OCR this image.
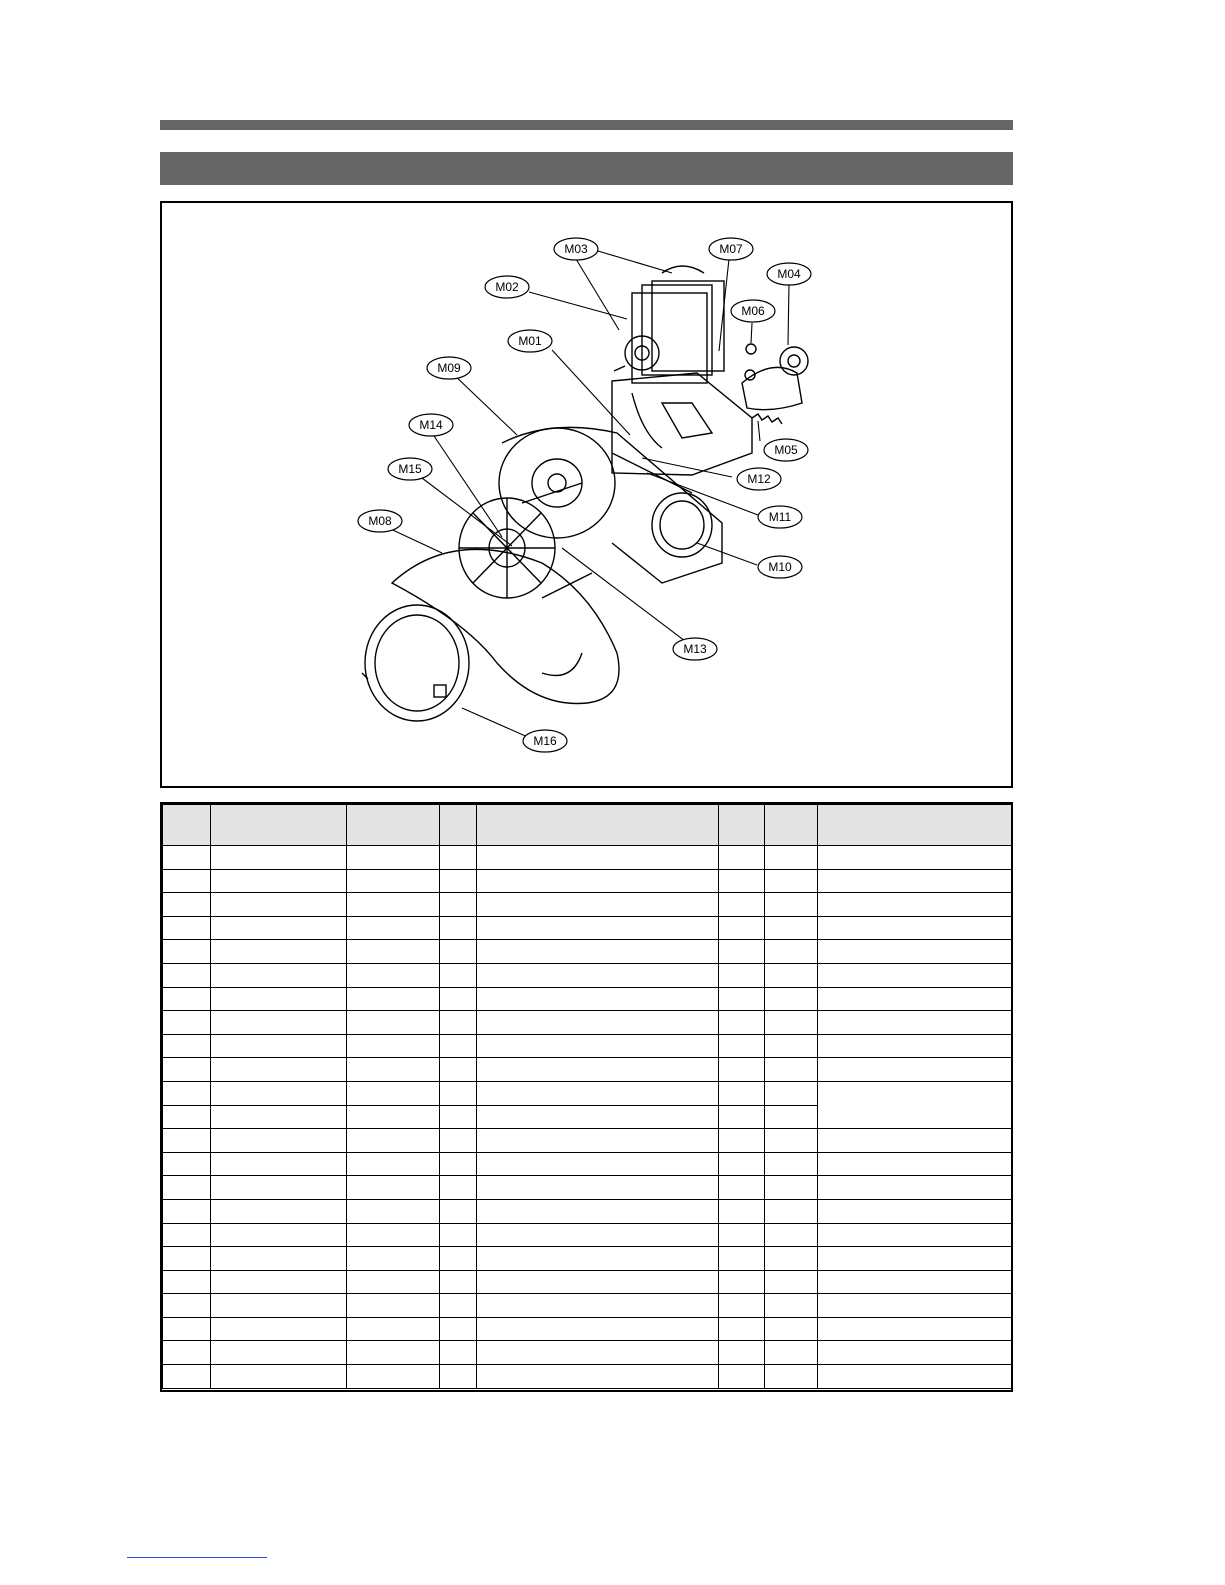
M03	M07
M04
M02
M06
M01
M09
M14
M05
M15
M12
M11
M08
M10
M13
M16
